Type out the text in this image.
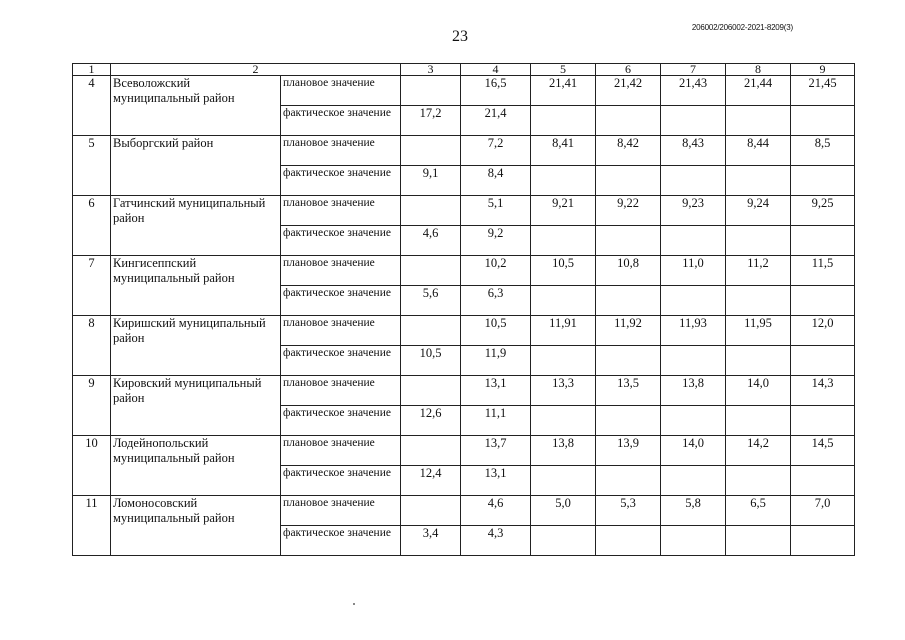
23
206002/206002-2021-8209(3)
1	2		3	4	5	6	7	8	9
4	Всеволожский муниципальный район	плановое значение		16,5	21,41	21,42	21,43	21,44	21,45
		фактическое значение	17,2	21,4					
5	Выборгский район	плановое значение		7,2	8,41	8,42	8,43	8,44	8,5
		фактическое значение	9,1	8,4					
6	Гатчинский муниципальный район	плановое значение		5,1	9,21	9,22	9,23	9,24	9,25
		фактическое значение	4,6	9,2					
7	Кингисеппский муниципальный район	плановое значение		10,2	10,5	10,8	11,0	11,2	11,5
		фактическое значение	5,6	6,3					
8	Киришский муниципальный район	плановое значение		10,5	11,91	11,92	11,93	11,95	12,0
		фактическое значение	10,5	11,9					
9	Кировский муниципальный район	плановое значение		13,1	13,3	13,5	13,8	14,0	14,3
		фактическое значение	12,6	11,1					
10	Лодейнопольский муниципальный район	плановое значение		13,7	13,8	13,9	14,0	14,2	14,5
		фактическое значение	12,4	13,1					
11	Ломоносовский муниципальный район	плановое значение		4,6	5,0	5,3	5,8	6,5	7,0
		фактическое значение	3,4	4,3					
